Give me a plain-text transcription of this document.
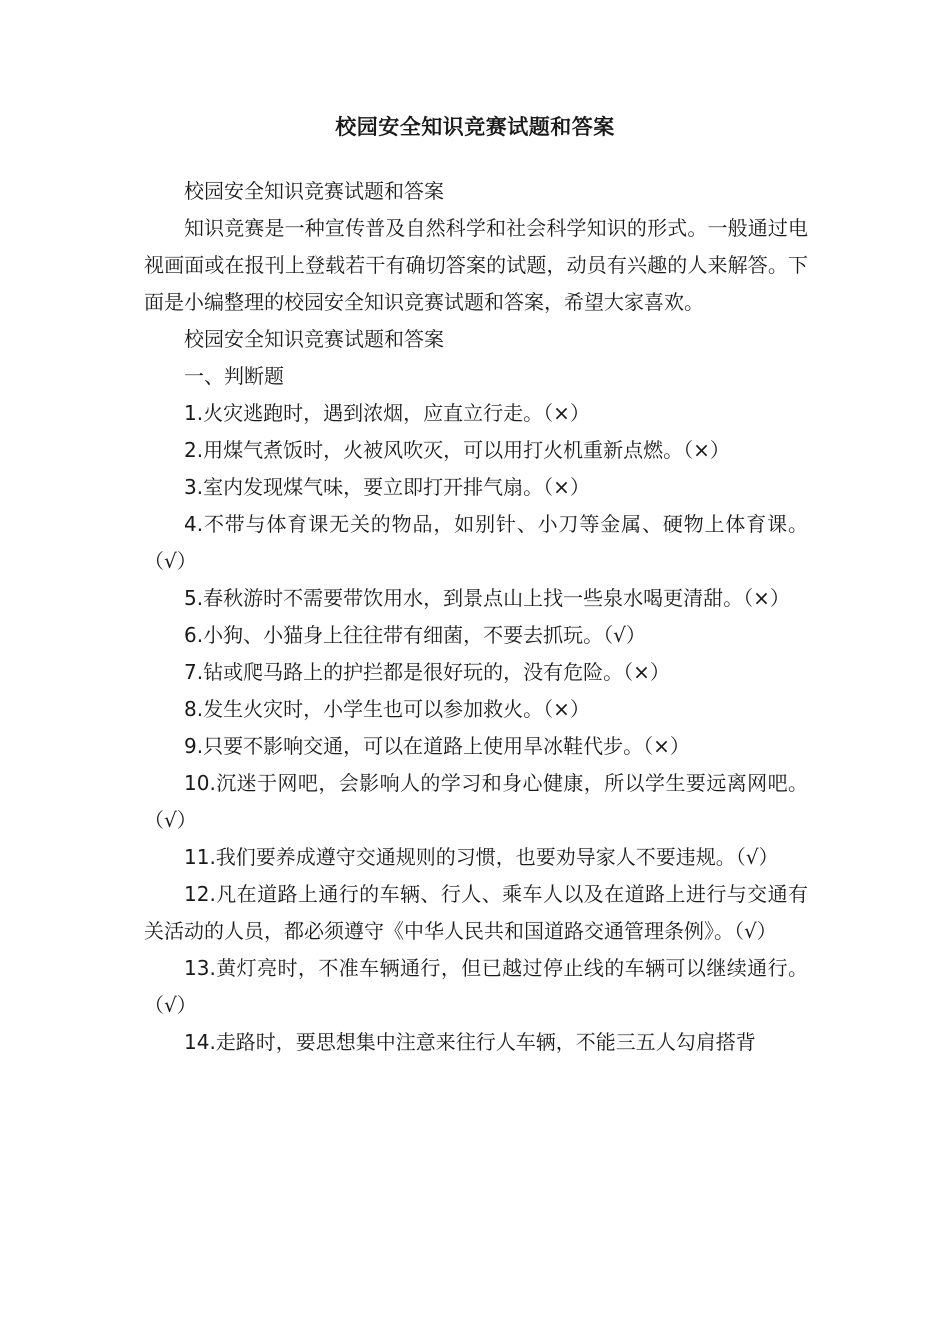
校园安全知识竞赛试题和答案

校园安全知识竞赛试题和答案

知识竞赛是一种宣传普及自然科学和社会科学知识的形式。一般通过电视画面或在报刊上登载若干有确切答案的试题，动员有兴趣的人来解答。下面是小编整理的校园安全知识竞赛试题和答案，希望大家喜欢。

校园安全知识竞赛试题和答案

一、判断题

1.火灾逃跑时，遇到浓烟，应直立行走。（×）

2.用煤气煮饭时，火被风吹灭，可以用打火机重新点燃。（×）

3.室内发现煤气味，要立即打开排气扇。（×）

4.不带与体育课无关的物品，如别针、小刀等金属、硬物上体育课。（√）

5.春秋游时不需要带饮用水，到景点山上找一些泉水喝更清甜。（×）

6.小狗、小猫身上往往带有细菌，不要去抓玩。（√）

7.钻或爬马路上的护拦都是很好玩的，没有危险。（×）

8.发生火灾时，小学生也可以参加救火。（×）

9.只要不影响交通，可以在道路上使用旱冰鞋代步。（×）

10.沉迷于网吧，会影响人的学习和身心健康，所以学生要远离网吧。（√）

11.我们要养成遵守交通规则的习惯，也要劝导家人不要违规。（√）

12.凡在道路上通行的车辆、行人、乘车人以及在道路上进行与交通有关活动的人员，都必须遵守《中华人民共和国道路交通管理条例》。（√）

13.黄灯亮时，不准车辆通行，但已越过停止线的车辆可以继续通行。（√）

14.走路时，要思想集中注意来往行人车辆，不能三五人勾肩搭背
